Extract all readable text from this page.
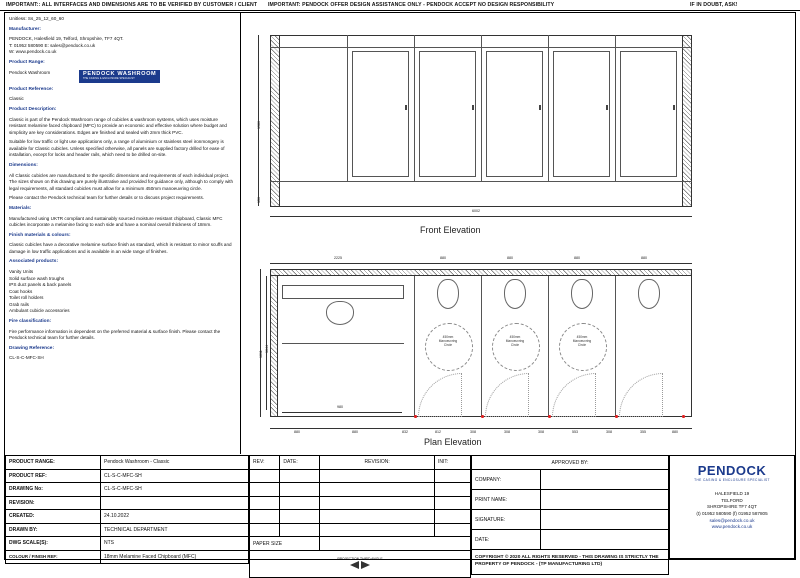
IMPORTANT:: ALL INTERFACES AND DIMENSIONS ARE TO BE VERIFIED BY CUSTOMER / CLIENT IMPORTANT: PENDOCK OFFER DESIGN ASSISTANCE ONLY - PENDOCK ACCEPT NO DESIGN RESPONSIBILITY	IF IN DOUBT, ASK!

Unitless: Ss_25_12_60_60

Manufacturer:

PENDOCK, Halesfield 19, Telford, Shropshire, TF7 4QT.

T: 01952 580590 E: sales@pendock.co.uk

W: www.pendock.co.uk

Product Range:

Pendock Washroom	PENDOCK WASHROOM
THE CASING & ENCLOSURE SPECIALIST

Product Reference:

Classic

Product Description:

Classic is part of the Pendock Washroom range of cubicles & washroom systems, which uses moisture resistant melamine faced chipboard (MFC) to provide an economic and effective solution where budget and simplicity are key considerations. Edges are finished and sealed with 2mm thick PVC.

Suitable for low traffic or light use applications only, a range of aluminium or stainless steel ironmongery is available for Classic cubicles. Unless specified otherwise, all panels are supplied factory drilled for ease of installation, except for locks and header rails, which need to be drilled on-site.

Dimensions:

All Classic cubicles are manufactured to the specific dimensions and requirements of each individual project. The sizes shown on this drawing are purely illustrative and provided for guidance only, although to comply with legal requirements, all standard cubicles must allow for a minimum 450mm manoeuvring circle.

Please contact the Pendock technical team for further details or to discuss project requirements.

Materials:

Manufactured using UKTR compliant and sustainably sourced moisture resistant chipboard, Classic MFC cubicles incorporate a melamine facing to each side and have a nominal overall thickness of 18mm.

Finish materials & colours:

Classic cubicles have a decorative melamine surface finish as standard, which is resistant to minor scuffs and damage in low traffic applications and is available in an wide range of finishes.

Associated products:

Vanity Units

Solid surface wash troughs

IPS duct panels & back panels

Coat hooks

Toilet roll holders

Grab rails

Ambulant cubicle accessories

Fire classification:

Fire performance information is dependent on the preferred material & surface finish. Please contact the Pendock technical team for further details.

Drawing Reference:

CL-S-C-MFC-SH

1980
150
6002
Front Elevation
2225	880	880	880	880
450mm
Manoeuvring
Circle
450mm
Manoeuvring
Circle
450mm
Manoeuvring
Circle
1811
1644
980
880	880	832	812	308	308	308	553	308	355	880
Plan Elevation
PRODUCT RANGE:	Pendock Washroom - Classic
PRODUCT REF:	CL-S-C-MFC-SH
DRAWING No:	CL-S-C-MFC-SH
REVISION:	
CREATED:	24.10.2022
DRAWN BY:	TECHNICAL DEPARTMENT
DWG SCALE(S):	NTS
COLOUR / FINISH REF:	18mm Melamine Faced Chipboard (MFC)
REV:	DATE:	REVISION:	INIT:

PAPER SIZE			

PROJECTION THIRD ANGLE			

APPROVED BY:	
COMPANY:	
PRINT NAME:	
SIGNATURE:	
DATE:	

COPYRIGHT © 2020 ALL RIGHTS RESERVED - THIS DRAWING IS STRICTLY THE PROPERTY OF PENDOCK - (TP MANUFACTURING LTD)	
PENDOCK
THE CASING & ENCLOSURE SPECIALIST
HALESFIELD 19
TELFORD
SHROPSHIRE TF7 4QT
(t) 01952 580590 (f) 01952 587805
sales@pendock.co.uk
www.pendock.co.uk
